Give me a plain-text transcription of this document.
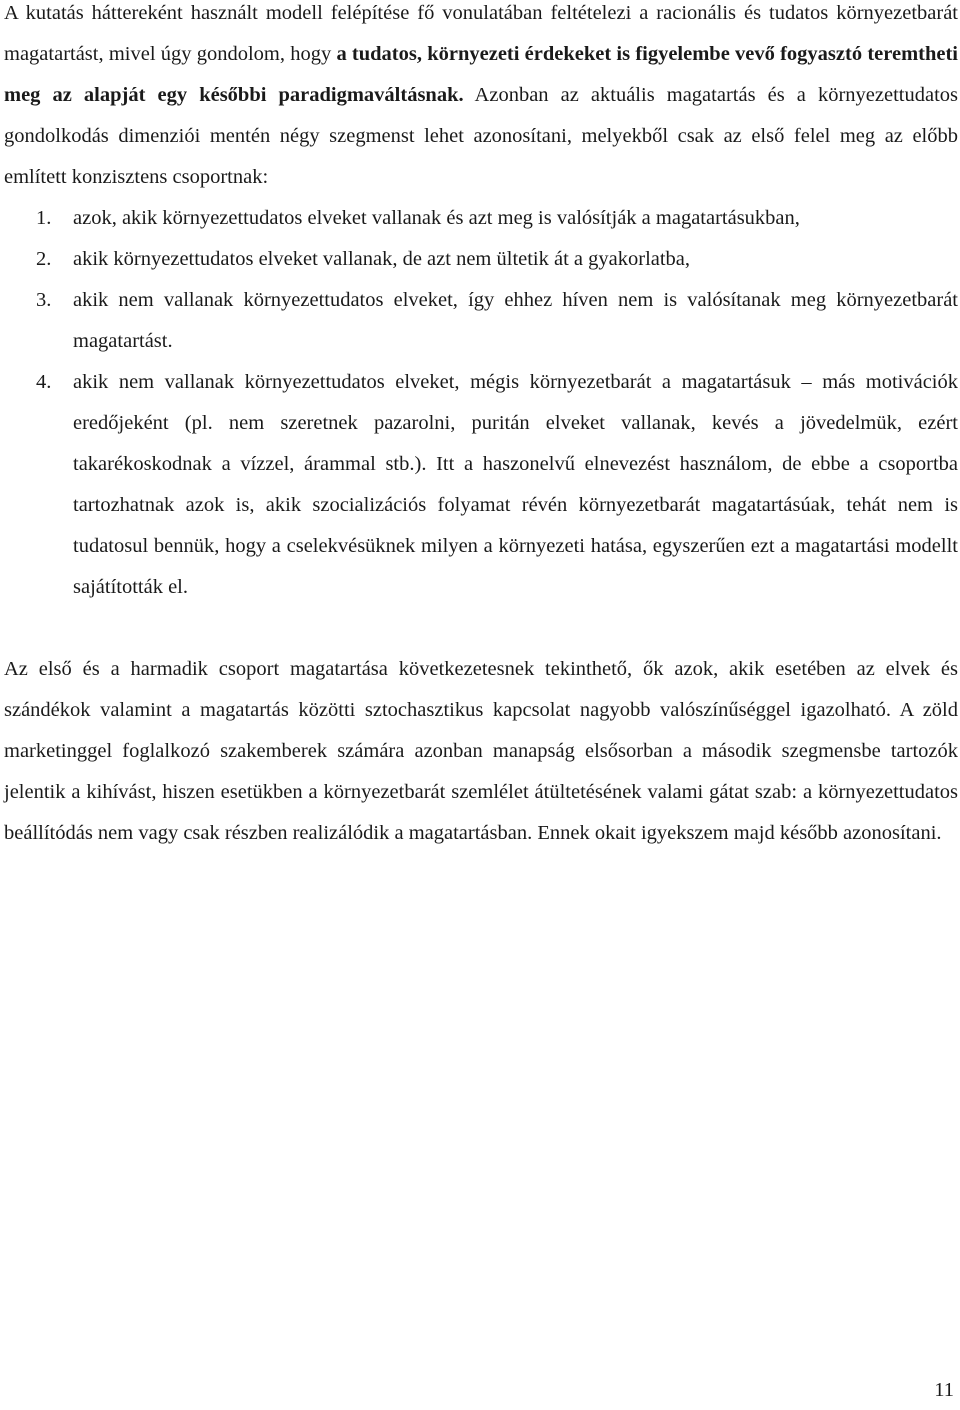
A kutatás háttereként használt modell felépítése fő vonulatában feltételezi a racionális és tudatos környezetbarát magatartást, mivel úgy gondolom, hogy a tudatos, környezeti érdekeket is figyelembe vevő fogyasztó teremtheti meg az alapját egy későbbi paradigmaváltásnak. Azonban az aktuális magatartás és a környezettudatos gondolkodás dimenziói mentén négy szegmenst lehet azonosítani, melyekből csak az első felel meg az előbb említett konzisztens csoportnak:

1. azok, akik környezettudatos elveket vallanak és azt meg is valósítják a magatartásukban,
2. akik környezettudatos elveket vallanak, de azt nem ültetik át a gyakorlatba,
3. akik nem vallanak környezettudatos elveket, így ehhez híven nem is valósítanak meg környezetbarát magatartást.
4. akik nem vallanak környezettudatos elveket, mégis környezetbarát a magatartásuk – más motivációk eredőjeként (pl. nem szeretnek pazarolni, puritán elveket vallanak, kevés a jövedelmük, ezért takarékoskodnak a vízzel, árammal stb.). Itt a haszonelvű elnevezést használom, de ebbe a csoportba tartozhatnak azok is, akik szocializációs folyamat révén környezetbarát magatartásúak, tehát nem is tudatosul bennük, hogy a cselekvésüknek milyen a környezeti hatása, egyszerűen ezt a magatartási modellt sajátították el.

Az első és a harmadik csoport magatartása következetesnek tekinthető, ők azok, akik esetében az elvek és szándékok valamint a magatartás közötti sztochasztikus kapcsolat nagyobb valószínűséggel igazolható. A zöld marketinggel foglalkozó szakemberek számára azonban manapság elsősorban a második szegmensbe tartozók jelentik a kihívást, hiszen esetükben a környezetbarát szemlélet átültetésének valami gátat szab: a környezettudatos beállítódás nem vagy csak részben realizálódik a magatartásban. Ennek okait igyekszem majd később azonosítani.

11
